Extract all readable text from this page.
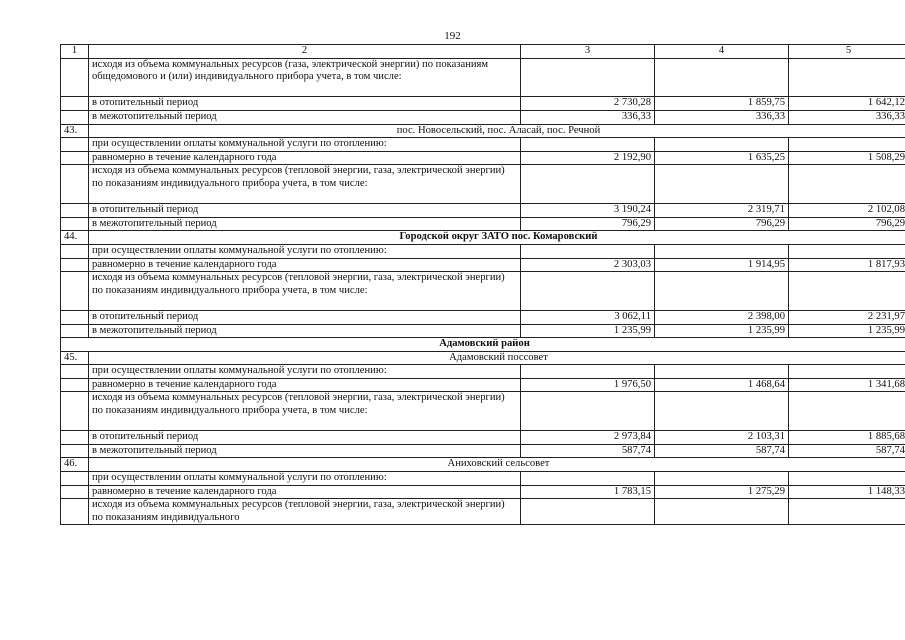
192
1	2	3	4	5
	исходя из объема коммунальных ресурсов (газа, электрической энергии) по показаниям общедомового и (или) индивидуального прибора учета, в том числе:			
	в отопительный период	2 730,28	1 859,75	1 642,12
	в межотопительный период	336,33	336,33	336,33
43.	пос. Новосельский, пос. Аласай, пос. Речной			
	при осуществлении оплаты коммунальной услуги по отоплению:			
	равномерно в течение календарного года	2 192,90	1 635,25	1 508,29
	исходя из объема коммунальных ресурсов (тепловой энергии, газа, электрической энергии) по показаниям индивидуального прибора учета, в том числе:			
	в отопительный период	3 190,24	2 319,71	2 102,08
	в межотопительный период	796,29	796,29	796,29
44.	Городской округ ЗАТО пос. Комаровский			
	при осуществлении оплаты коммунальной услуги по отоплению:			
	равномерно в течение календарного года	2 303,03	1 914,95	1 817,93
	исходя из объема коммунальных ресурсов (тепловой энергии, газа, электрической энергии) по показаниям индивидуального прибора учета, в том числе:			
	в отопительный период	3 062,11	2 398,00	2 231,97
	в межотопительный период	1 235,99	1 235,99	1 235,99
Адамовский район				
45.	Адамовский поссовет			
	при осуществлении оплаты коммунальной услуги по отоплению:			
	равномерно в течение календарного года	1 976,50	1 468,64	1 341,68
	исходя из объема коммунальных ресурсов (тепловой энергии, газа, электрической энергии) по показаниям индивидуального прибора учета, в том числе:			
	в отопительный период	2 973,84	2 103,31	1 885,68
	в межотопительный период	587,74	587,74	587,74
46.	Аниховский сельсовет			
	при осуществлении оплаты коммунальной услуги по отоплению:			
	равномерно в течение календарного года	1 783,15	1 275,29	1 148,33
	исходя из объема коммунальных ресурсов (тепловой энергии, газа, электрической энергии) по показаниям индивидуального			
